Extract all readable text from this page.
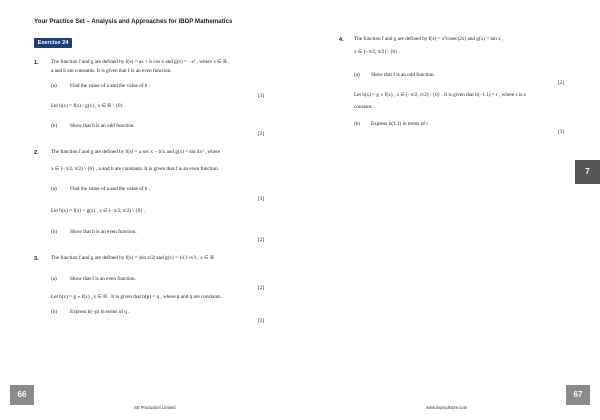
Your Practice Set – Analysis and Approaches for IBDP Mathematics
Exercise 24
1. The function f and g are defined by f(x) = ax + b cos x and g(x) = −x² , where x ∈ ℝ ,
a and b are constants. It is given that f is an even function.
(a)	Find the value of a and the value of b .
[3]
Let h(x) = f(x) / g(x) , x ∈ ℝ \ {0} .
(b) Show that h is an odd function.
[2]
2. The function f and g are defined by f(x) = a sec x − b/x and g(x) = sin 4x² , where
x ∈ (−π/2, π/2) \ {0} , a and b are constants. It is given that f is an even function.
(a)	Find the value of a and the value of b .
[3]
Let h(x) = f(x) + g(x) , x ∈ (−π/2, π/2) \ {0} .
(b) Show that h is an even function.
[2]
3. The function f and g are defined by f(x) = |sin x/2| and g(x) = 1/(1+x²) , x ∈ ℝ .
(a)	Show that f is an even function.
[2]
Let h(x) = g ∘ f(x) , x ∈ ℝ . It is given that h(p) = q , where p and q are constants.
(b) Express h(−p) in terms of q .
[2]
4. The function f and g are defined by f(x) = x³cosec(2x) and g(x) = tan x ,
x ∈ (−π/2, π/2) \ {0} .
(a) Show that f is an odd function.
[2]
Let h(x) = g ∘ f(x) , x ∈ (−π/2, π/2) \ {0} . It is given that h(−1.1) = r , where r is a
constant.
(b) Express h(1.1) in terms of r .
[3]
7
66	67
SE Production Limited	www.seprodstore.com
